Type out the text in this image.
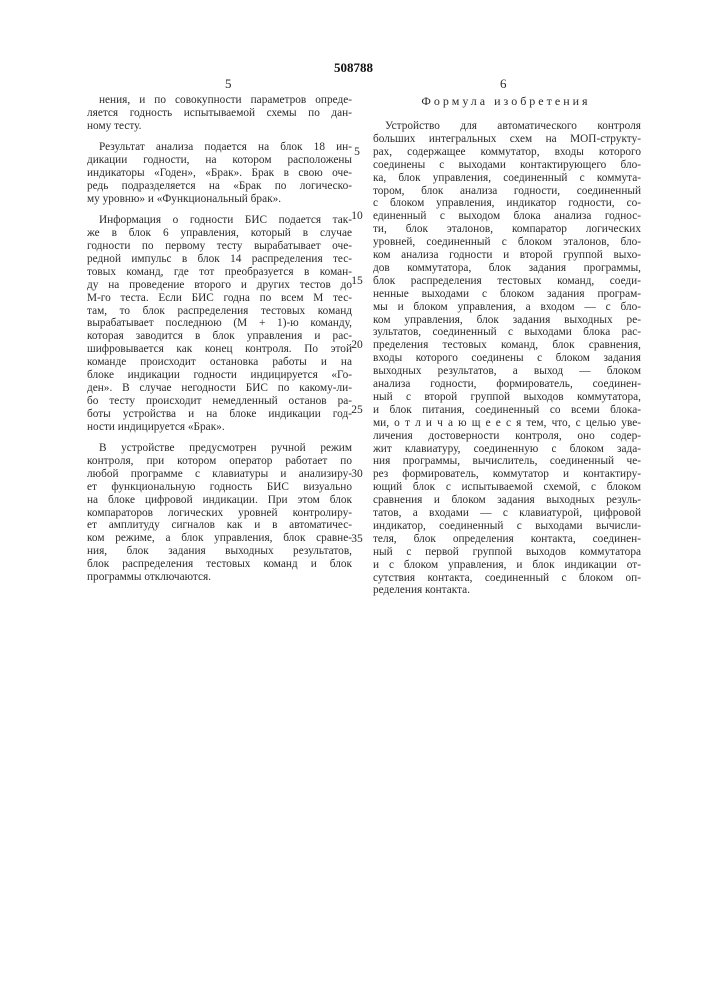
508788
5	6
Формула изобретения
нения, и по совокупности параметров опреде-
ляется годность испытываемой схемы по дан-
ному тесту.
Результат анализа подается на блок 18 ин-
дикации годности, на котором расположены
индикаторы «Годен», «Брак». Брак в свою оче-
редь подразделяется на «Брак по логическо-
му уровню» и «Функциональный брак».
Информация о годности БИС подается так-
же в блок 6 управления, который в случае
годности по первому тесту вырабатывает оче-
редной импульс в блок 14 распределения тес-
товых команд, где тот преобразуется в коман-
ду на проведение второго и других тестов до
М-го теста. Если БИС годна по всем М тес-
там, то блок распределения тестовых команд
вырабатывает последнюю (М + 1)-ю команду,
которая заводится в блок управления и рас-
шифровывается как конец контроля. По этой
команде происходит остановка работы и на
блоке индикации годности индицируется «Го-
ден». В случае негодности БИС по какому-ли-
бо тесту происходит немедленный останов ра-
боты устройства и на блоке индикации год-
ности индицируется «Брак».
В устройстве предусмотрен ручной режим
контроля, при котором оператор работает по
любой программе с клавиатуры и анализиру-
ет функциональную годность БИС визуально
на блоке цифровой индикации. При этом блок
компараторов логических уровней контролиру-
ет амплитуду сигналов как и в автоматичес-
ком режиме, а блок управления, блок сравне-
ния, блок задания выходных результатов,
блок распределения тестовых команд и блок
программы отключаются.
Устройство для автоматического контроля
больших интегральных схем на МОП-структу-
рах, содержащее коммутатор, входы которого
соединены с выходами контактирующего бло-
ка, блок управления, соединенный с коммута-
тором, блок анализа годности, соединенный
с блоком управления, индикатор годности, со-
единенный с выходом блока анализа годнос-
ти, блок эталонов, компаратор логических
уровней, соединенный с блоком эталонов, бло-
ком анализа годности и второй группой выхо-
дов коммутатора, блок задания программы,
блок распределения тестовых команд, соеди-
ненные выходами с блоком задания програм-
мы и блоком управления, а входом — с бло-
ком управления, блок задания выходных ре-
зультатов, соединенный с выходами блока рас-
пределения тестовых команд, блок сравнения,
входы которого соединены с блоком задания
выходных результатов, а выход — блоком
анализа годности, формирователь, соединен-
ный с второй группой выходов коммутатора,
и блок питания, соединенный со всеми блока-
ми, о т л и ч а ю щ е е с я тем, что, с целью уве-
личения достоверности контроля, оно содер-
жит клавиатуру, соединенную с блоком зада-
ния программы, вычислитель, соединенный че-
рез формирователь, коммутатор и контактиру-
ющий блок с испытываемой схемой, с блоком
сравнения и блоком задания выходных резуль-
татов, а входами — с клавиатурой, цифровой
индикатор, соединенный с выходами вычисли-
теля, блок определения контакта, соединен-
ный с первой группой выходов коммутатора
и с блоком управления, и блок индикации от-
сутствия контакта, соединенный с блоком оп-
ределения контакта.
5
10
15
20
25
30
35
